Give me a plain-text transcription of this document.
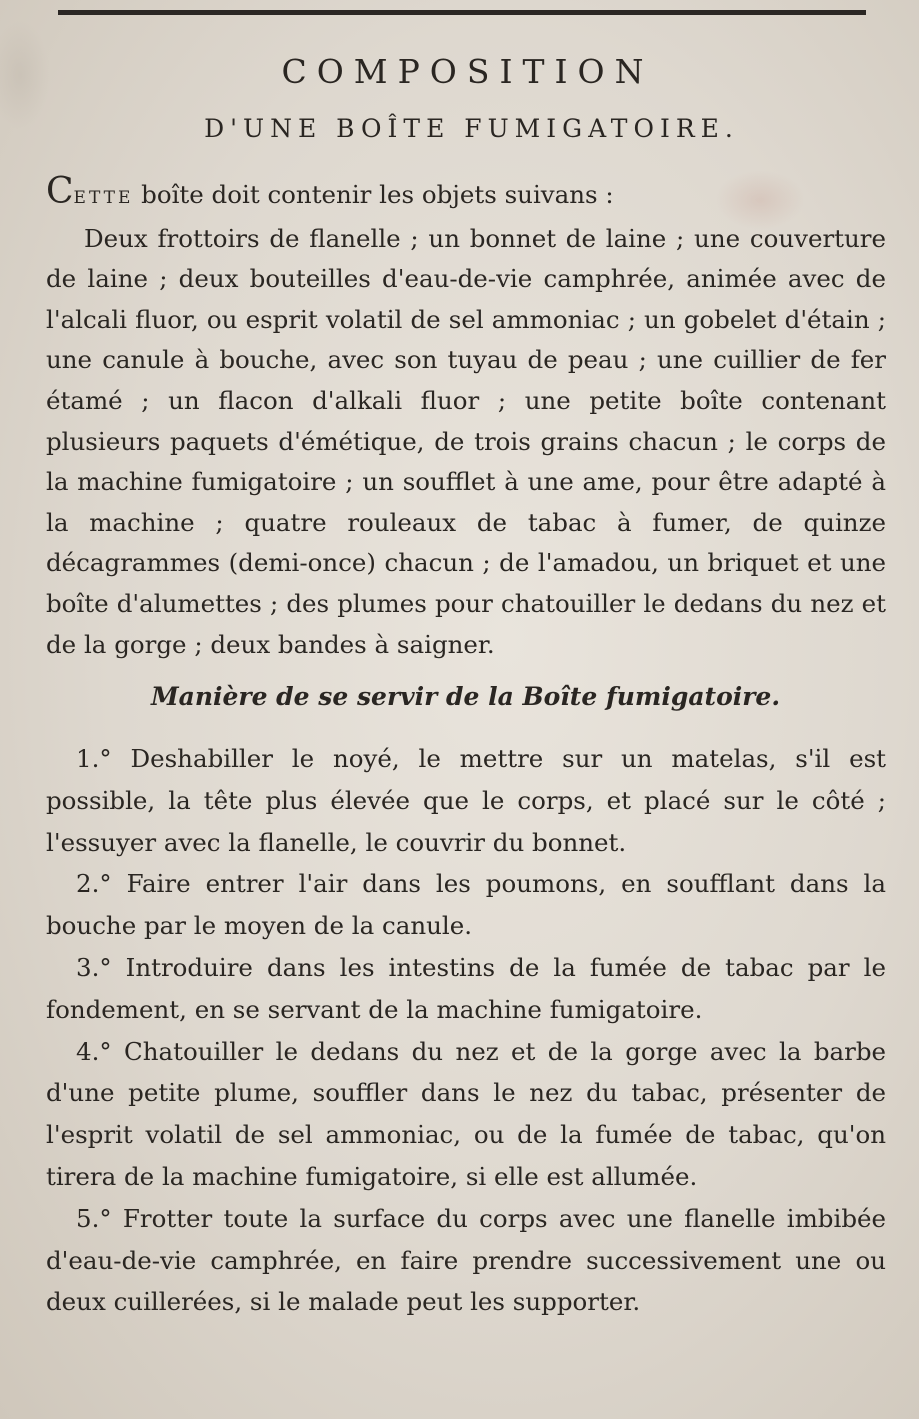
COMPOSITION
D'UNE BOÎTE FUMIGATOIRE.

CETTE boîte doit contenir les objets suivans :

Deux frottoirs de flanelle ; un bonnet de laine ; une couverture de laine ; deux bouteilles d'eau-de-vie camphrée, animée avec de l'alcali fluor, ou esprit volatil de sel ammoniac ; un gobelet d'étain ; une canule à bouche, avec son tuyau de peau ; une cuillier de fer étamé ; un flacon d'alkali fluor ; une petite boîte contenant plusieurs paquets d'émétique, de trois grains chacun ; le corps de la machine fumigatoire ; un soufflet à une ame, pour être adapté à la machine ; quatre rouleaux de tabac à fumer, de quinze décagrammes (demi-once) chacun ; de l'amadou, un briquet et une boîte d'alumettes ; des plumes pour chatouiller le dedans du nez et de la gorge ; deux bandes à saigner.

Manière de se servir de la Boîte fumigatoire.

1.° Deshabiller le noyé, le mettre sur un matelas, s'il est possible, la tête plus élevée que le corps, et placé sur le côté ; l'essuyer avec la flanelle, le couvrir du bonnet.

2.° Faire entrer l'air dans les poumons, en soufflant dans la bouche par le moyen de la canule.

3.° Introduire dans les intestins de la fumée de tabac par le fondement, en se servant de la machine fumigatoire.

4.° Chatouiller le dedans du nez et de la gorge avec la barbe d'une petite plume, souffler dans le nez du tabac, présenter de l'esprit volatil de sel ammoniac, ou de la fumée de tabac, qu'on tirera de la machine fumigatoire, si elle est allumée.

5.° Frotter toute la surface du corps avec une flanelle imbibée d'eau-de-vie camphrée, en faire prendre successivement une ou deux cuillerées, si le malade peut les supporter.
